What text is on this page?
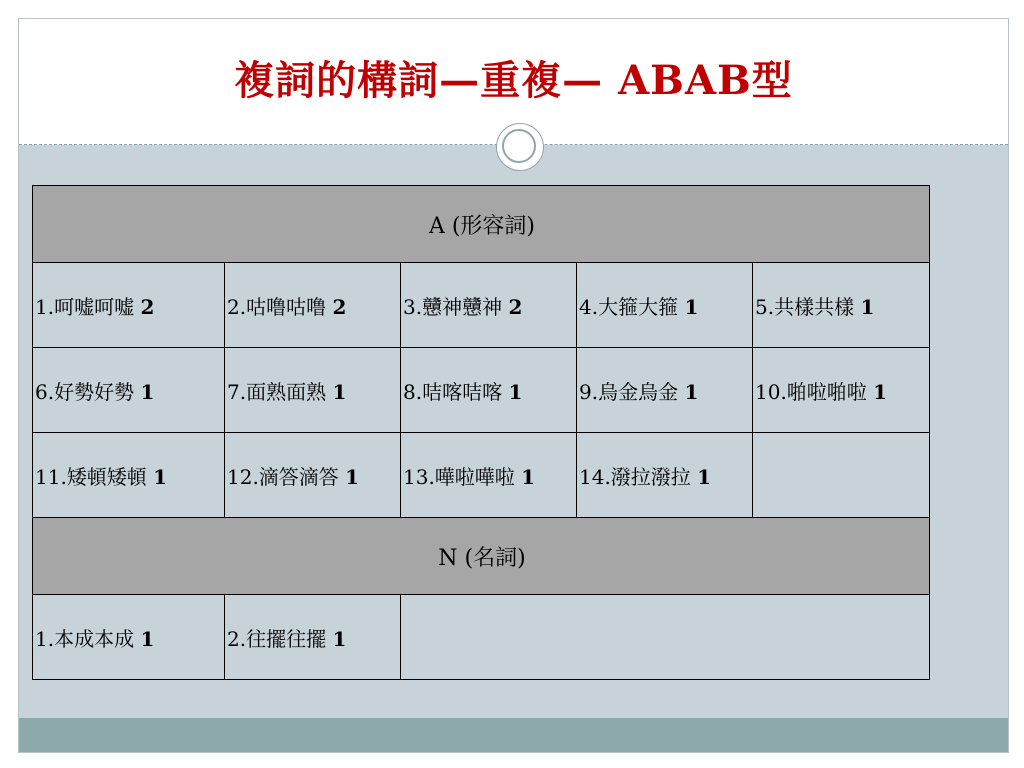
複詞的構詞—重複— ABAB型
A (形容詞)				
1.呵嘘呵嘘 2	2.咕噜咕噜 2	3.戇神戇神 2	4.大箍大箍 1	5.共樣共樣 1
6.好勢好勢 1	7.面熟面熟 1	8.咭喀咭喀 1	9.烏金烏金 1	10.啪啦啪啦 1
11.矮頓矮頓 1	12.滴答滴答 1	13.嘩啦嘩啦 1	14.潑拉潑拉 1	
N (名詞)				
1.本成本成 1	2.往擺往擺 1			
